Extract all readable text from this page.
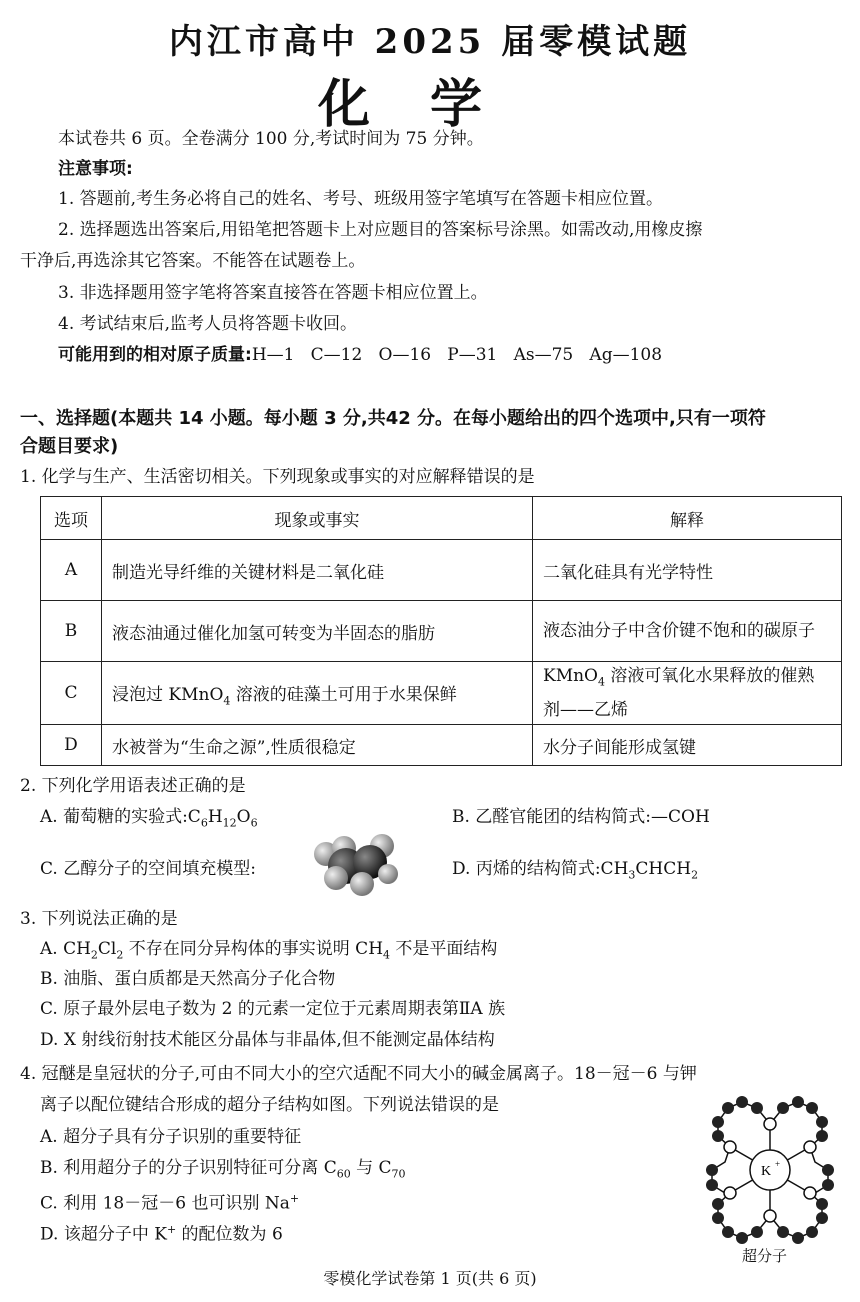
内江市高中 2025 届零模试题
化学
本试卷共 6 页。全卷满分 100 分,考试时间为 75 分钟。
注意事项:
1. 答题前,考生务必将自己的姓名、考号、班级用签字笔填写在答题卡相应位置。
2. 选择题选出答案后,用铅笔把答题卡上对应题目的答案标号涂黑。如需改动,用橡皮擦
干净后,再选涂其它答案。不能答在试题卷上。
3. 非选择题用签字笔将答案直接答在答题卡相应位置上。
4. 考试结束后,监考人员将答题卡收回。
可能用到的相对原子质量:H—1   C—12   O—16   P—31   As—75   Ag—108
一、选择题(本题共 14 小题。每小题 3 分,共42 分。在每小题给出的四个选项中,只有一项符
合题目要求)
1. 化学与生产、生活密切相关。下列现象或事实的对应解释错误的是
选项	现象或事实	解释
A	制造光导纤维的关键材料是二氧化硅	二氧化硅具有光学特性
B	液态油通过催化加氢可转变为半固态的脂肪	液态油分子中含价键不饱和的碳原子
C	浸泡过 KMnO$_4$ 溶液的硅藻土可用于水果保鲜	KMnO$_4$ 溶液可氧化水果释放的催熟剂——乙烯
D	水被誉为“生命之源”,性质很稳定	水分子间能形成氢键
2. 下列化学用语表述正确的是
A. 葡萄糖的实验式$:C_6H_{12}O_6$	B. 乙醛官能团的结构简式:—COH
C. 乙醇分子的空间填充模型:	D. 丙烯的结构简式$:CH_3CHCH_2$
3. 下列说法正确的是
A. $CH_2Cl_2$ 不存在同分异构体的事实说明 $CH_4$ 不是平面结构
B. 油脂、蛋白质都是天然高分子化合物
C. 原子最外层电子数为 2 的元素一定位于元素周期表第ⅡA 族
D. X 射线衍射技术能区分晶体与非晶体,但不能测定晶体结构
4. 冠醚是皇冠状的分子,可由不同大小的空穴适配不同大小的碱金属离子。18－冠－6 与钾
离子以配位键结合形成的超分子结构如图。下列说法错误的是
A. 超分子具有分子识别的重要特征
B. 利用超分子的分子识别特征可分离 $C_{60}$ 与 $C_{70}$
C. 利用 18－冠－6 也可识别 Na+
D. 该超分子中 K+ 的配位数为 6
K +
超分子
零模化学试卷第 1 页(共 6 页)
